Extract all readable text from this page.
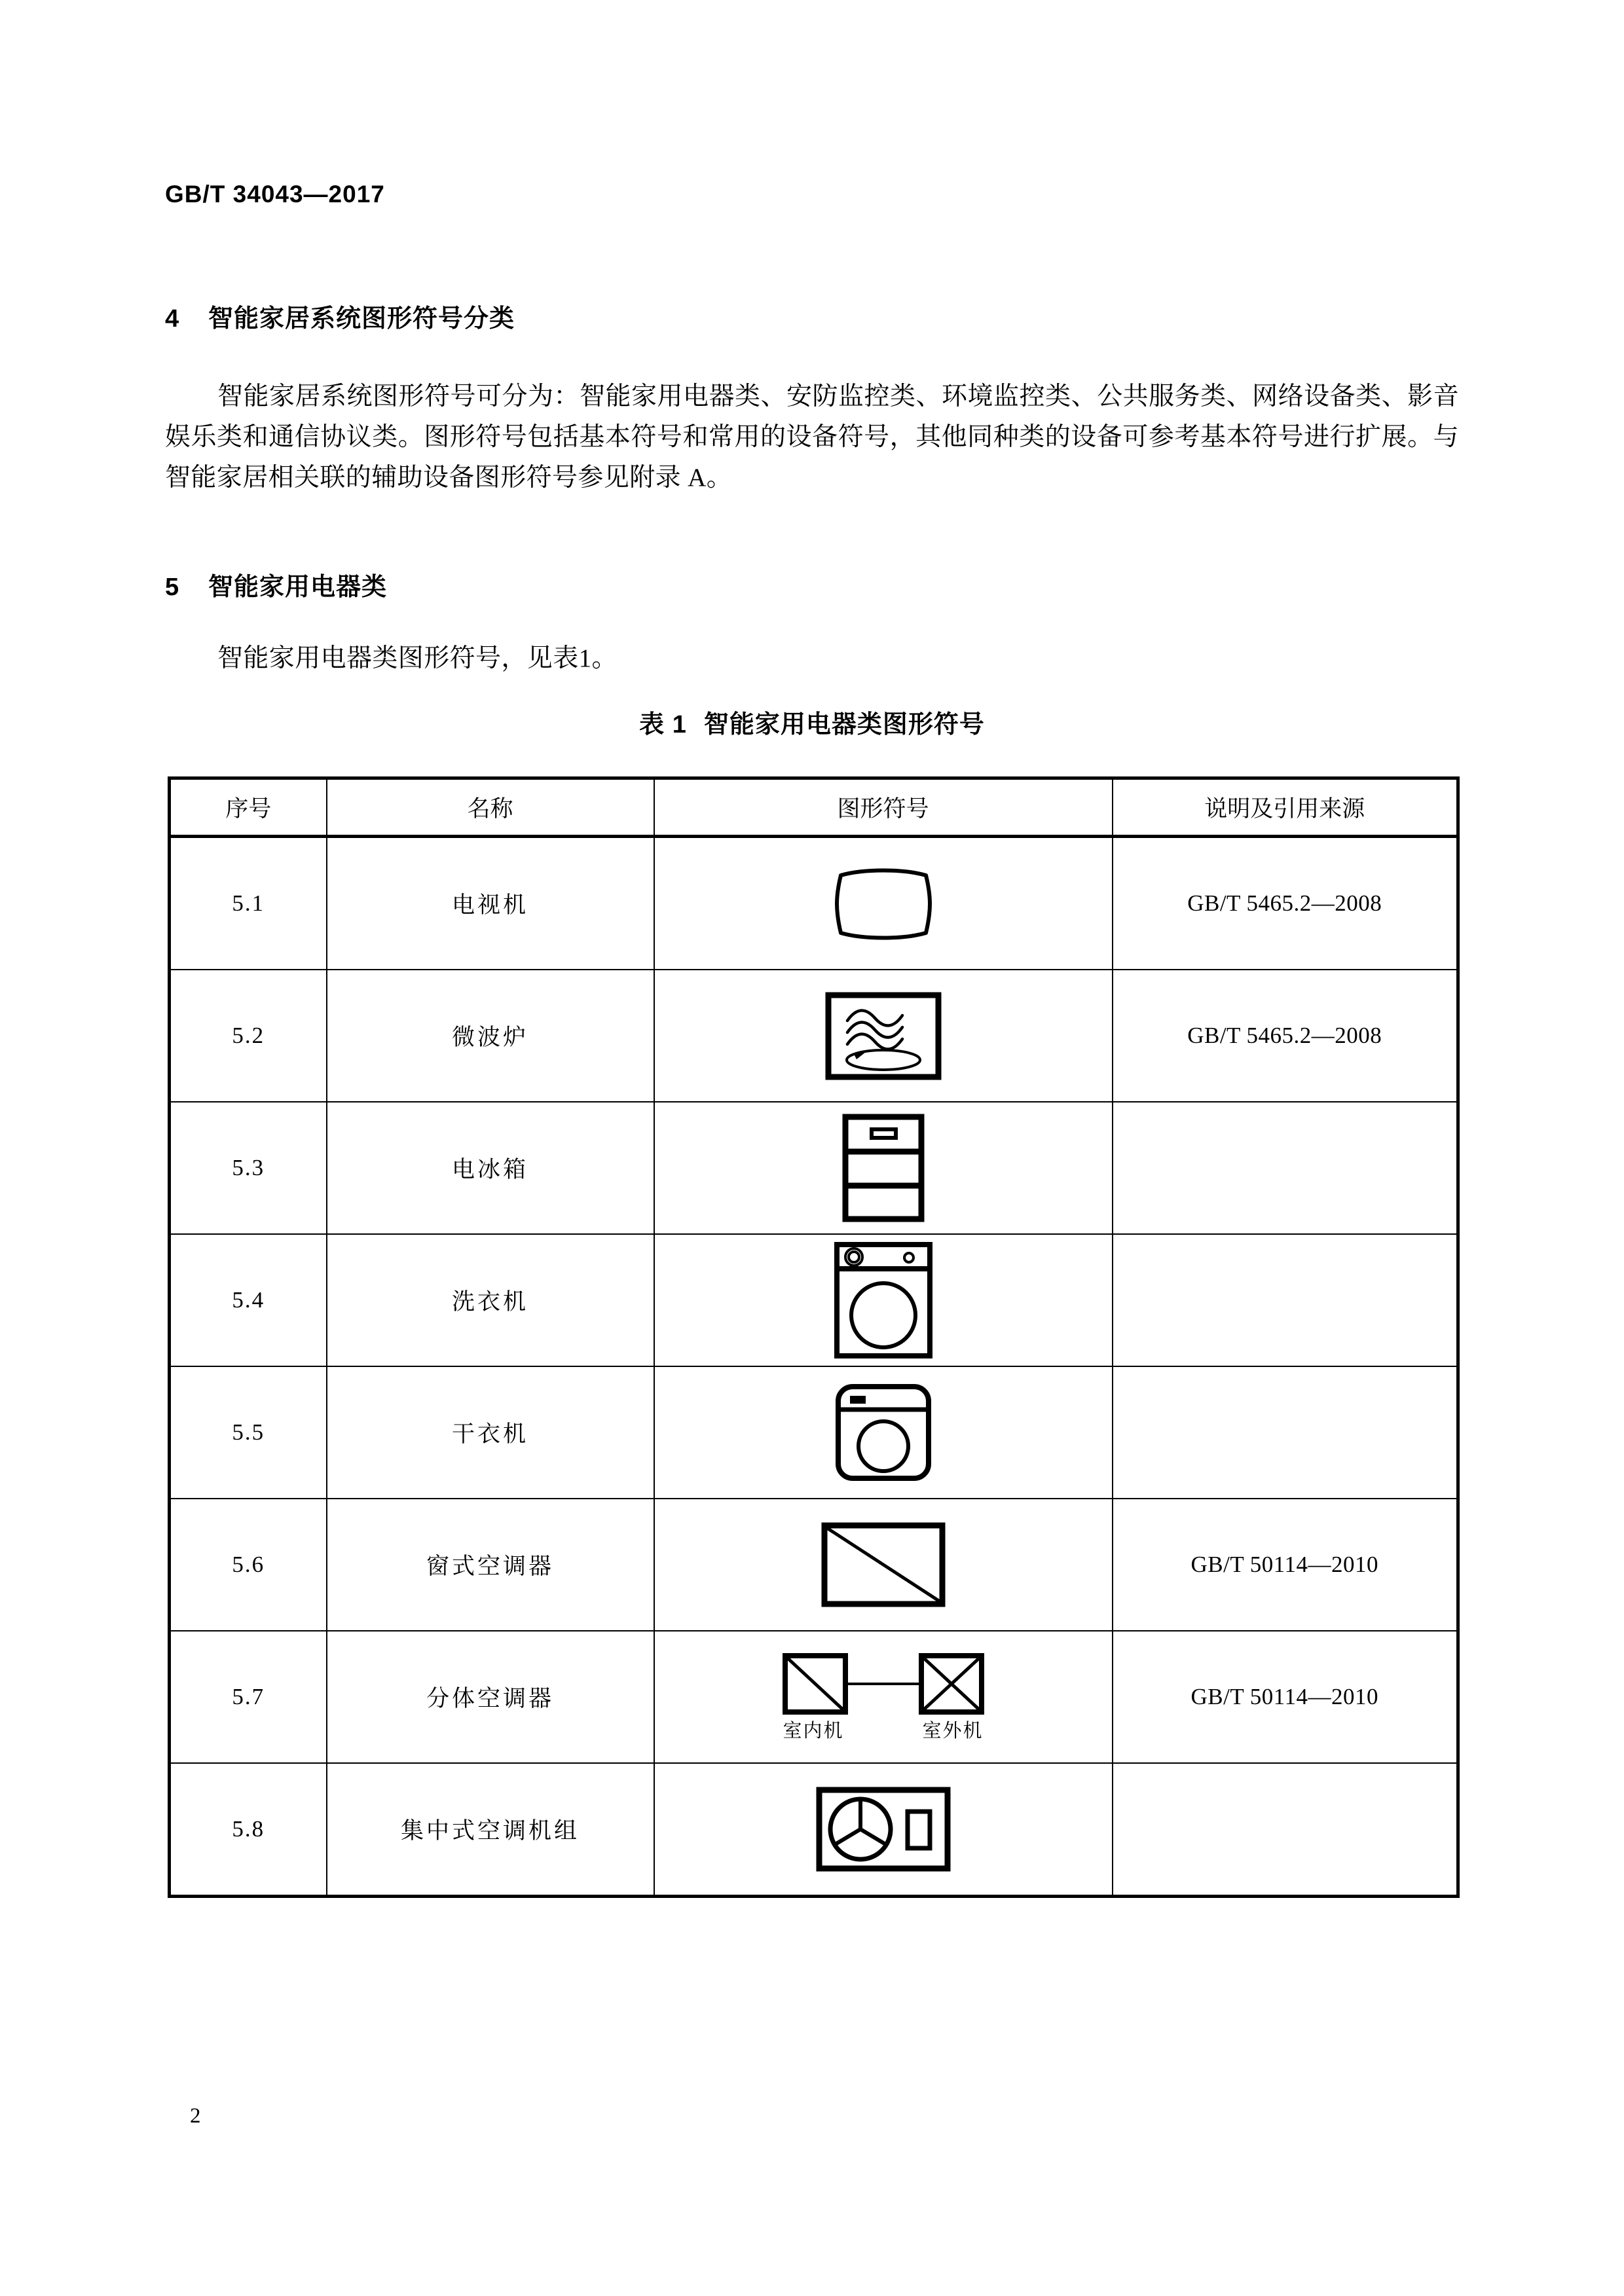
GB/T 34043—2017
4 智能家居系统图形符号分类
智能家居系统图形符号可分为：智能家用电器类、安防监控类、环境监控类、公共服务类、网络设备类、影音娱乐类和通信协议类。图形符号包括基本符号和常用的设备符号，其他同种类的设备可参考基本符号进行扩展。与智能家居相关联的辅助设备图形符号参见附录 A。
5 智能家用电器类
智能家用电器类图形符号，见表1。
表 1 智能家用电器类图形符号
序号	名称	图形符号	说明及引用来源
5.1	电视机		GB/T 5465.2—2008
5.2	微波炉		GB/T 5465.2—2008
5.3	电冰箱	

5.4	洗衣机	

5.5	干衣机	

5.6	窗式空调器		GB/T 50114—2010
5.7	分体空调器	室内机 室外机	GB/T 50114—2010
5.8	集中式空调机组	

2
